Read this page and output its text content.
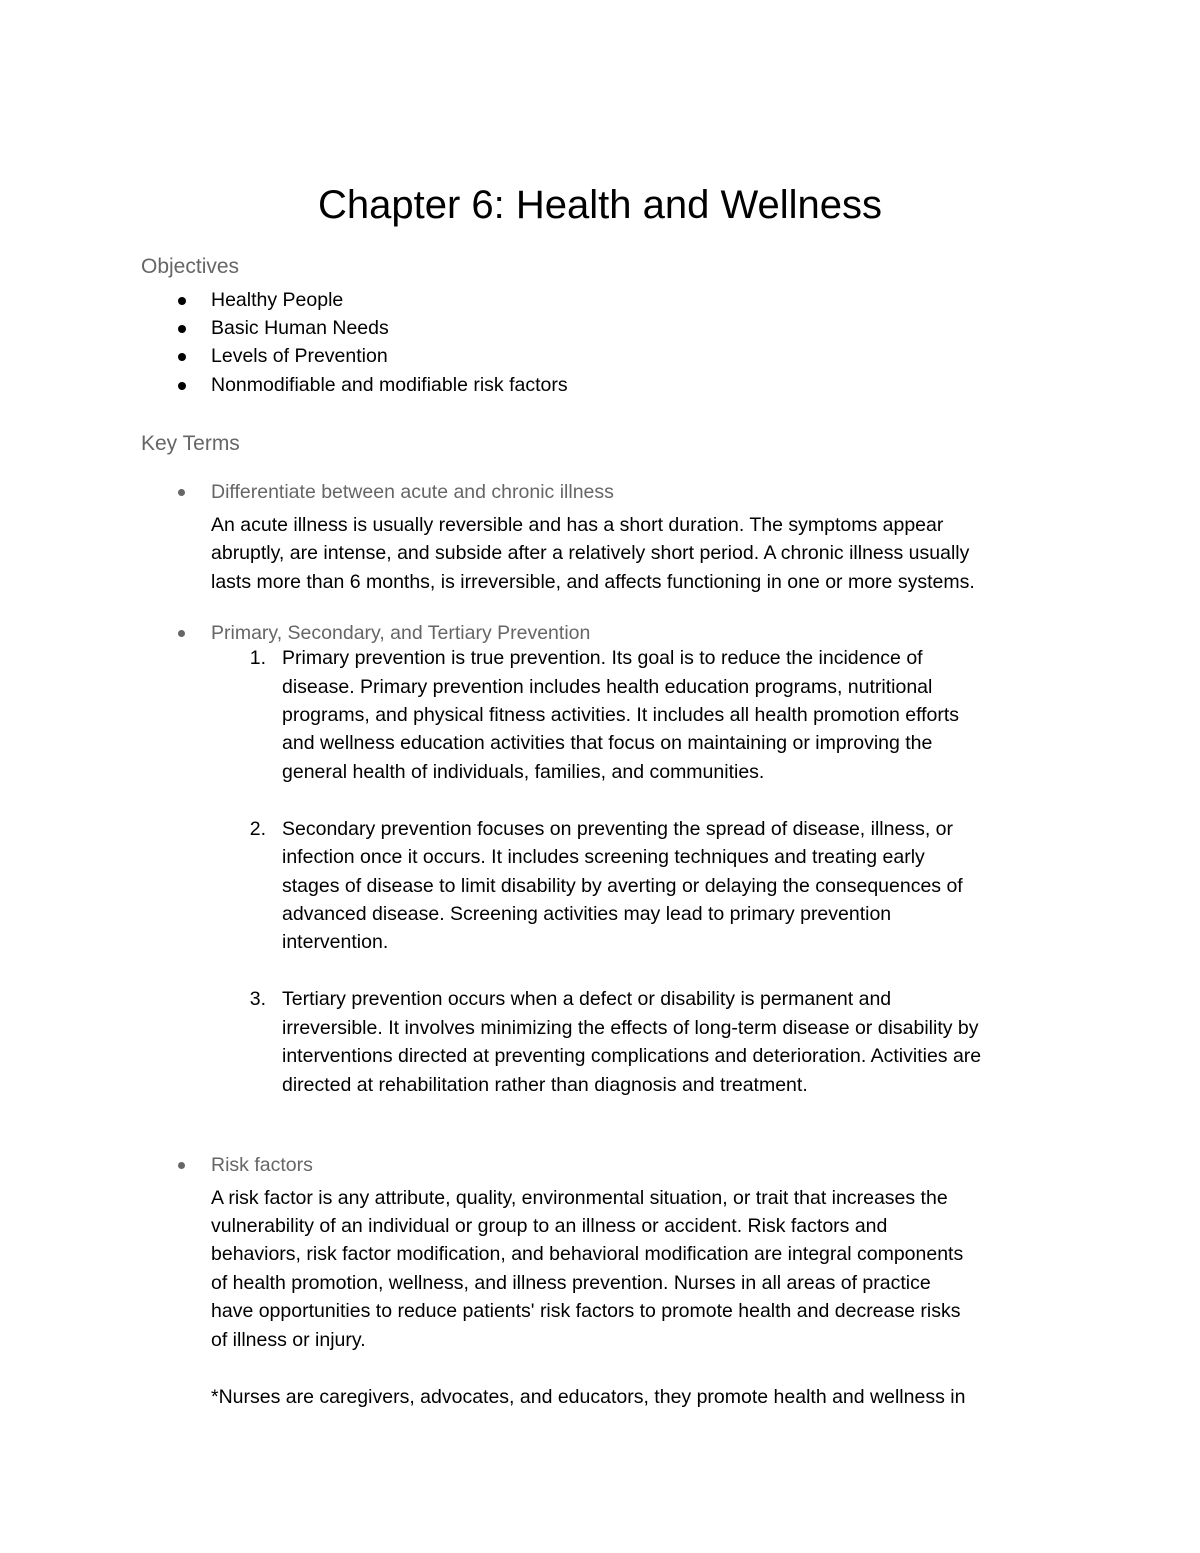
Chapter 6: Health and Wellness
Objectives

Healthy People

Basic Human Needs

Levels of Prevention

Nonmodifiable and modifiable risk factors

Key Terms

Differentiate between acute and chronic illness

An acute illness is usually reversible and has a short duration. The symptoms appear

abruptly, are intense, and subside after a relatively short period. A chronic illness usually

lasts more than 6 months, is irreversible, and affects functioning in one or more systems.

Primary, Secondary, and Tertiary Prevention

1. Primary prevention is true prevention. Its goal is to reduce the incidence of

disease. Primary prevention includes health education programs, nutritional

programs, and physical fitness activities. It includes all health promotion efforts

and wellness education activities that focus on maintaining or improving the

general health of individuals, families, and communities.

2. Secondary prevention focuses on preventing the spread of disease, illness, or

infection once it occurs. It includes screening techniques and treating early

stages of disease to limit disability by averting or delaying the consequences of

advanced disease. Screening activities may lead to primary prevention

intervention.

3. Tertiary prevention occurs when a defect or disability is permanent and

irreversible. It involves minimizing the effects of long-term disease or disability by

interventions directed at preventing complications and deterioration. Activities are

directed at rehabilitation rather than diagnosis and treatment.

Risk factors

A risk factor is any attribute, quality, environmental situation, or trait that increases the

vulnerability of an individual or group to an illness or accident. Risk factors and

behaviors, risk factor modification, and behavioral modification are integral components

of health promotion, wellness, and illness prevention. Nurses in all areas of practice

have opportunities to reduce patients' risk factors to promote health and decrease risks

of illness or injury.

*Nurses are caregivers, advocates, and educators, they promote health and wellness in
